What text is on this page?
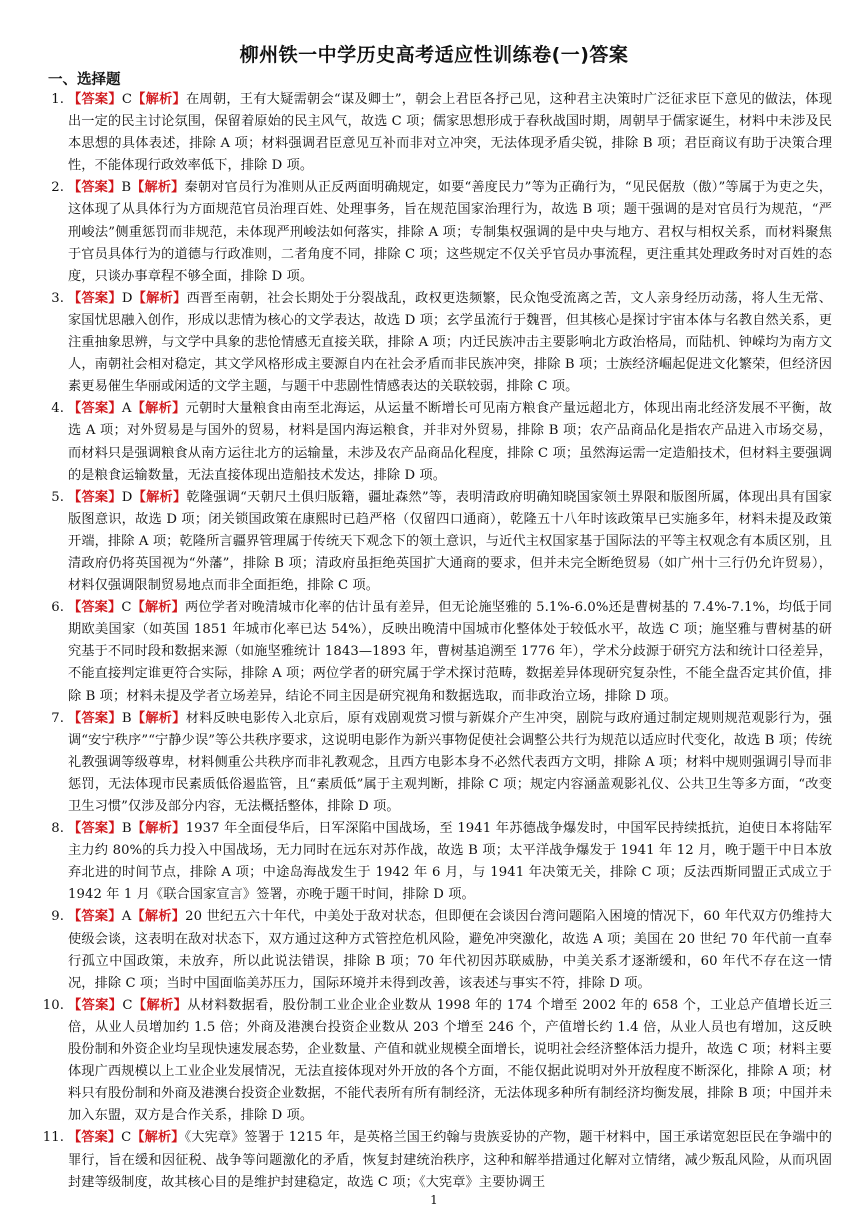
柳州铁一中学历史高考适应性训练卷(一)答案
一、选择题
1. 【答案】C【解析】在周朝，王有大疑需朝会“谋及卿士”，朝会上君臣各抒己见，这种君主决策时广泛征求臣下意见的做法，体现出一定的民主讨论氛围，保留着原始的民主风气，故选 C 项；儒家思想形成于春秋战国时期，周朝早于儒家诞生，材料中未涉及民本思想的具体表述，排除 A 项；材料强调君臣意见互补而非对立冲突，无法体现矛盾尖锐，排除 B 项；君臣商议有助于决策合理性，不能体现行政效率低下，排除 D 项。
2. 【答案】B【解析】秦朝对官员行为准则从正反两面明确规定，如要“善度民力”等为正确行为，“见民倨敖（傲）”等属于为吏之失，这体现了从具体行为方面规范官员治理百姓、处理事务，旨在规范国家治理行为，故选 B 项；题干强调的是对官员行为规范，“严刑峻法”侧重惩罚而非规范，未体现严刑峻法如何落实，排除 A 项；专制集权强调的是中央与地方、君权与相权关系，而材料聚焦于官员具体行为的道德与行政准则，二者角度不同，排除 C 项；这些规定不仅关乎官员办事流程，更注重其处理政务时对百姓的态度，只谈办事章程不够全面，排除 D 项。
3. 【答案】D【解析】西晋至南朝，社会长期处于分裂战乱，政权更迭频繁，民众饱受流离之苦，文人亲身经历动荡，将人生无常、家国忧思融入创作，形成以悲情为核心的文学表达，故选 D 项；玄学虽流行于魏晋，但其核心是探讨宇宙本体与名教自然关系，更注重抽象思辨，与文学中具象的悲怆情感无直接关联，排除 A 项；内迁民族冲击主要影响北方政治格局，而陆机、钟嵘均为南方文人，南朝社会相对稳定，其文学风格形成主要源自内在社会矛盾而非民族冲突，排除 B 项；士族经济崛起促进文化繁荣，但经济因素更易催生华丽或闲适的文学主题，与题干中悲剧性情感表达的关联较弱，排除 C 项。
4. 【答案】A【解析】元朝时大量粮食由南至北海运，从运量不断增长可见南方粮食产量远超北方，体现出南北经济发展不平衡，故选 A 项；对外贸易是与国外的贸易，材料是国内海运粮食，并非对外贸易，排除 B 项；农产品商品化是指农产品进入市场交易，而材料只是强调粮食从南方运往北方的运输量，未涉及农产品商品化程度，排除 C 项；虽然海运需一定造船技术，但材料主要强调的是粮食运输数量，无法直接体现出造船技术发达，排除 D 项。
5. 【答案】D【解析】乾隆强调“天朝尺土俱归版籍，疆址森然”等，表明清政府明确知晓国家领土界限和版图所属，体现出具有国家版图意识，故选 D 项；闭关锁国政策在康熙时已趋严格（仅留四口通商），乾隆五十八年时该政策早已实施多年，材料未提及政策开端，排除 A 项；乾隆所言疆界管理属于传统天下观念下的领土意识，与近代主权国家基于国际法的平等主权观念有本质区别，且清政府仍将英国视为“外藩”，排除 B 项；清政府虽拒绝英国扩大通商的要求，但并未完全断绝贸易（如广州十三行仍允许贸易），材料仅强调限制贸易地点而非全面拒绝，排除 C 项。
6. 【答案】C【解析】两位学者对晚清城市化率的估计虽有差异，但无论施坚雅的 5.1%-6.0%还是曹树基的 7.4%-7.1%，均低于同期欧美国家（如英国 1851 年城市化率已达 54%），反映出晚清中国城市化整体处于较低水平，故选 C 项；施坚雅与曹树基的研究基于不同时段和数据来源（如施坚雅统计 1843—1893 年，曹树基追溯至 1776 年），学术分歧源于研究方法和统计口径差异，不能直接判定谁更符合实际，排除 A 项；两位学者的研究属于学术探讨范畴，数据差异体现研究复杂性，不能全盘否定其价值，排除 B 项；材料未提及学者立场差异，结论不同主因是研究视角和数据选取，而非政治立场，排除 D 项。
7. 【答案】B【解析】材料反映电影传入北京后，原有戏剧观赏习惯与新媒介产生冲突，剧院与政府通过制定规则规范观影行为，强调“安宁秩序”“宁静少误”等公共秩序要求，这说明电影作为新兴事物促使社会调整公共行为规范以适应时代变化，故选 B 项；传统礼教强调等级尊卑，材料侧重公共秩序而非礼教观念，且西方电影本身不必然代表西方文明，排除 A 项；材料中规则强调引导而非惩罚，无法体现市民素质低俗遏监管，且“素质低”属于主观判断，排除 C 项；规定内容涵盖观影礼仪、公共卫生等多方面，“改变卫生习惯”仅涉及部分内容，无法概括整体，排除 D 项。
8. 【答案】B【解析】1937 年全面侵华后，日军深陷中国战场，至 1941 年苏德战争爆发时，中国军民持续抵抗，迫使日本将陆军主力约 80%的兵力投入中国战场，无力同时在远东对苏作战，故选 B 项；太平洋战争爆发于 1941 年 12 月，晚于题干中日本放弃北进的时间节点，排除 A 项；中途岛海战发生于 1942 年 6 月，与 1941 年决策无关，排除 C 项；反法西斯同盟正式成立于 1942 年 1 月《联合国家宣言》签署，亦晚于题干时间，排除 D 项。
9. 【答案】A【解析】20 世纪五六十年代，中美处于敌对状态，但即便在会谈因台湾问题陷入困境的情况下，60 年代双方仍维持大使级会谈，这表明在敌对状态下，双方通过这种方式管控危机风险，避免冲突激化，故选 A 项；美国在 20 世纪 70 年代前一直奉行孤立中国政策，未放弃，所以此说法错误，排除 B 项；70 年代初因苏联威胁，中美关系才逐渐缓和，60 年代不存在这一情况，排除 C 项；当时中国面临美苏压力，国际环境并未得到改善，该表述与事实不符，排除 D 项。
10. 【答案】C【解析】从材料数据看，股份制工业企业企业数从 1998 年的 174 个增至 2002 年的 658 个，工业总产值增长近三倍，从业人员增加约 1.5 倍；外商及港澳台投资企业数从 203 个增至 246 个，产值增长约 1.4 倍，从业人员也有增加，这反映股份制和外资企业均呈现快速发展态势，企业数量、产值和就业规模全面增长，说明社会经济整体活力提升，故选 C 项；材料主要体现广西规模以上工业企业发展情况，无法直接体现对外开放的各个方面，不能仅据此说明对外开放程度不断深化，排除 A 项；材料只有股份制和外商及港澳台投资企业数据，不能代表所有所有制经济，无法体现多种所有制经济均衡发展，排除 B 项；中国并未加入东盟，双方是合作关系，排除 D 项。
11. 【答案】C【解析】《大宪章》签署于 1215 年，是英格兰国王约翰与贵族妥协的产物，题干材料中，国王承诺宽恕臣民在争端中的罪行，旨在缓和因征税、战争等问题激化的矛盾，恢复封建统治秩序，这种和解举措通过化解对立情绪，减少叛乱风险，从而巩固封建等级制度，故其核心目的是维护封建稳定，故选 C 项；《大宪章》主要协调王
1
